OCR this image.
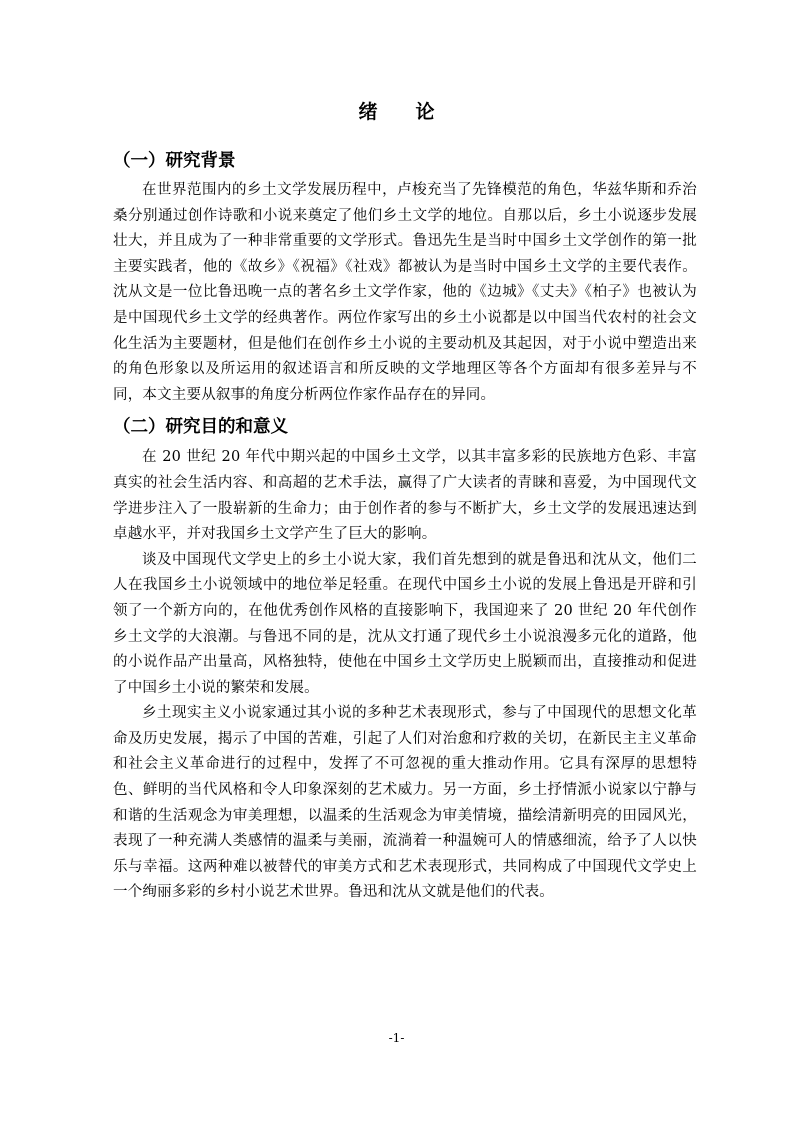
绪论
（一）研究背景

在世界范围内的乡土文学发展历程中，卢梭充当了先锋模范的角色，华兹华斯和乔治桑分别通过创作诗歌和小说来奠定了他们乡土文学的地位。自那以后，乡土小说逐步发展壮大，并且成为了一种非常重要的文学形式。鲁迅先生是当时中国乡土文学创作的第一批主要实践者，他的《故乡》《祝福》《社戏》都被认为是当时中国乡土文学的主要代表作。沈从文是一位比鲁迅晚一点的著名乡土文学作家，他的《边城》《丈夫》《柏子》也被认为是中国现代乡土文学的经典著作。两位作家写出的乡土小说都是以中国当代农村的社会文化生活为主要题材，但是他们在创作乡土小说的主要动机及其起因，对于小说中塑造出来的角色形象以及所运用的叙述语言和所反映的文学地理区等各个方面却有很多差异与不同，本文主要从叙事的角度分析两位作家作品存在的异同。

（二）研究目的和意义

在 20 世纪 20 年代中期兴起的中国乡土文学，以其丰富多彩的民族地方色彩、丰富真实的社会生活内容、和高超的艺术手法，赢得了广大读者的青睐和喜爱，为中国现代文学进步注入了一股崭新的生命力；由于创作者的参与不断扩大，乡土文学的发展迅速达到卓越水平，并对我国乡土文学产生了巨大的影响。

谈及中国现代文学史上的乡土小说大家，我们首先想到的就是鲁迅和沈从文，他们二人在我国乡土小说领域中的地位举足轻重。在现代中国乡土小说的发展上鲁迅是开辟和引领了一个新方向的，在他优秀创作风格的直接影响下，我国迎来了 20 世纪 20 年代创作乡土文学的大浪潮。与鲁迅不同的是，沈从文打通了现代乡土小说浪漫多元化的道路，他的小说作品产出量高，风格独特，使他在中国乡土文学历史上脱颖而出，直接推动和促进了中国乡土小说的繁荣和发展。

乡土现实主义小说家通过其小说的多种艺术表现形式，参与了中国现代的思想文化革命及历史发展，揭示了中国的苦难，引起了人们对治愈和疗救的关切，在新民主主义革命和社会主义革命进行的过程中，发挥了不可忽视的重大推动作用。它具有深厚的思想特色、鲜明的当代风格和令人印象深刻的艺术威力。另一方面，乡土抒情派小说家以宁静与和谐的生活观念为审美理想，以温柔的生活观念为审美情境，描绘清新明亮的田园风光，表现了一种充满人类感情的温柔与美丽，流淌着一种温婉可人的情感细流，给予了人以快乐与幸福。这两种难以被替代的审美方式和艺术表现形式，共同构成了中国现代文学史上一个绚丽多彩的乡村小说艺术世界。鲁迅和沈从文就是他们的代表。

-1-
